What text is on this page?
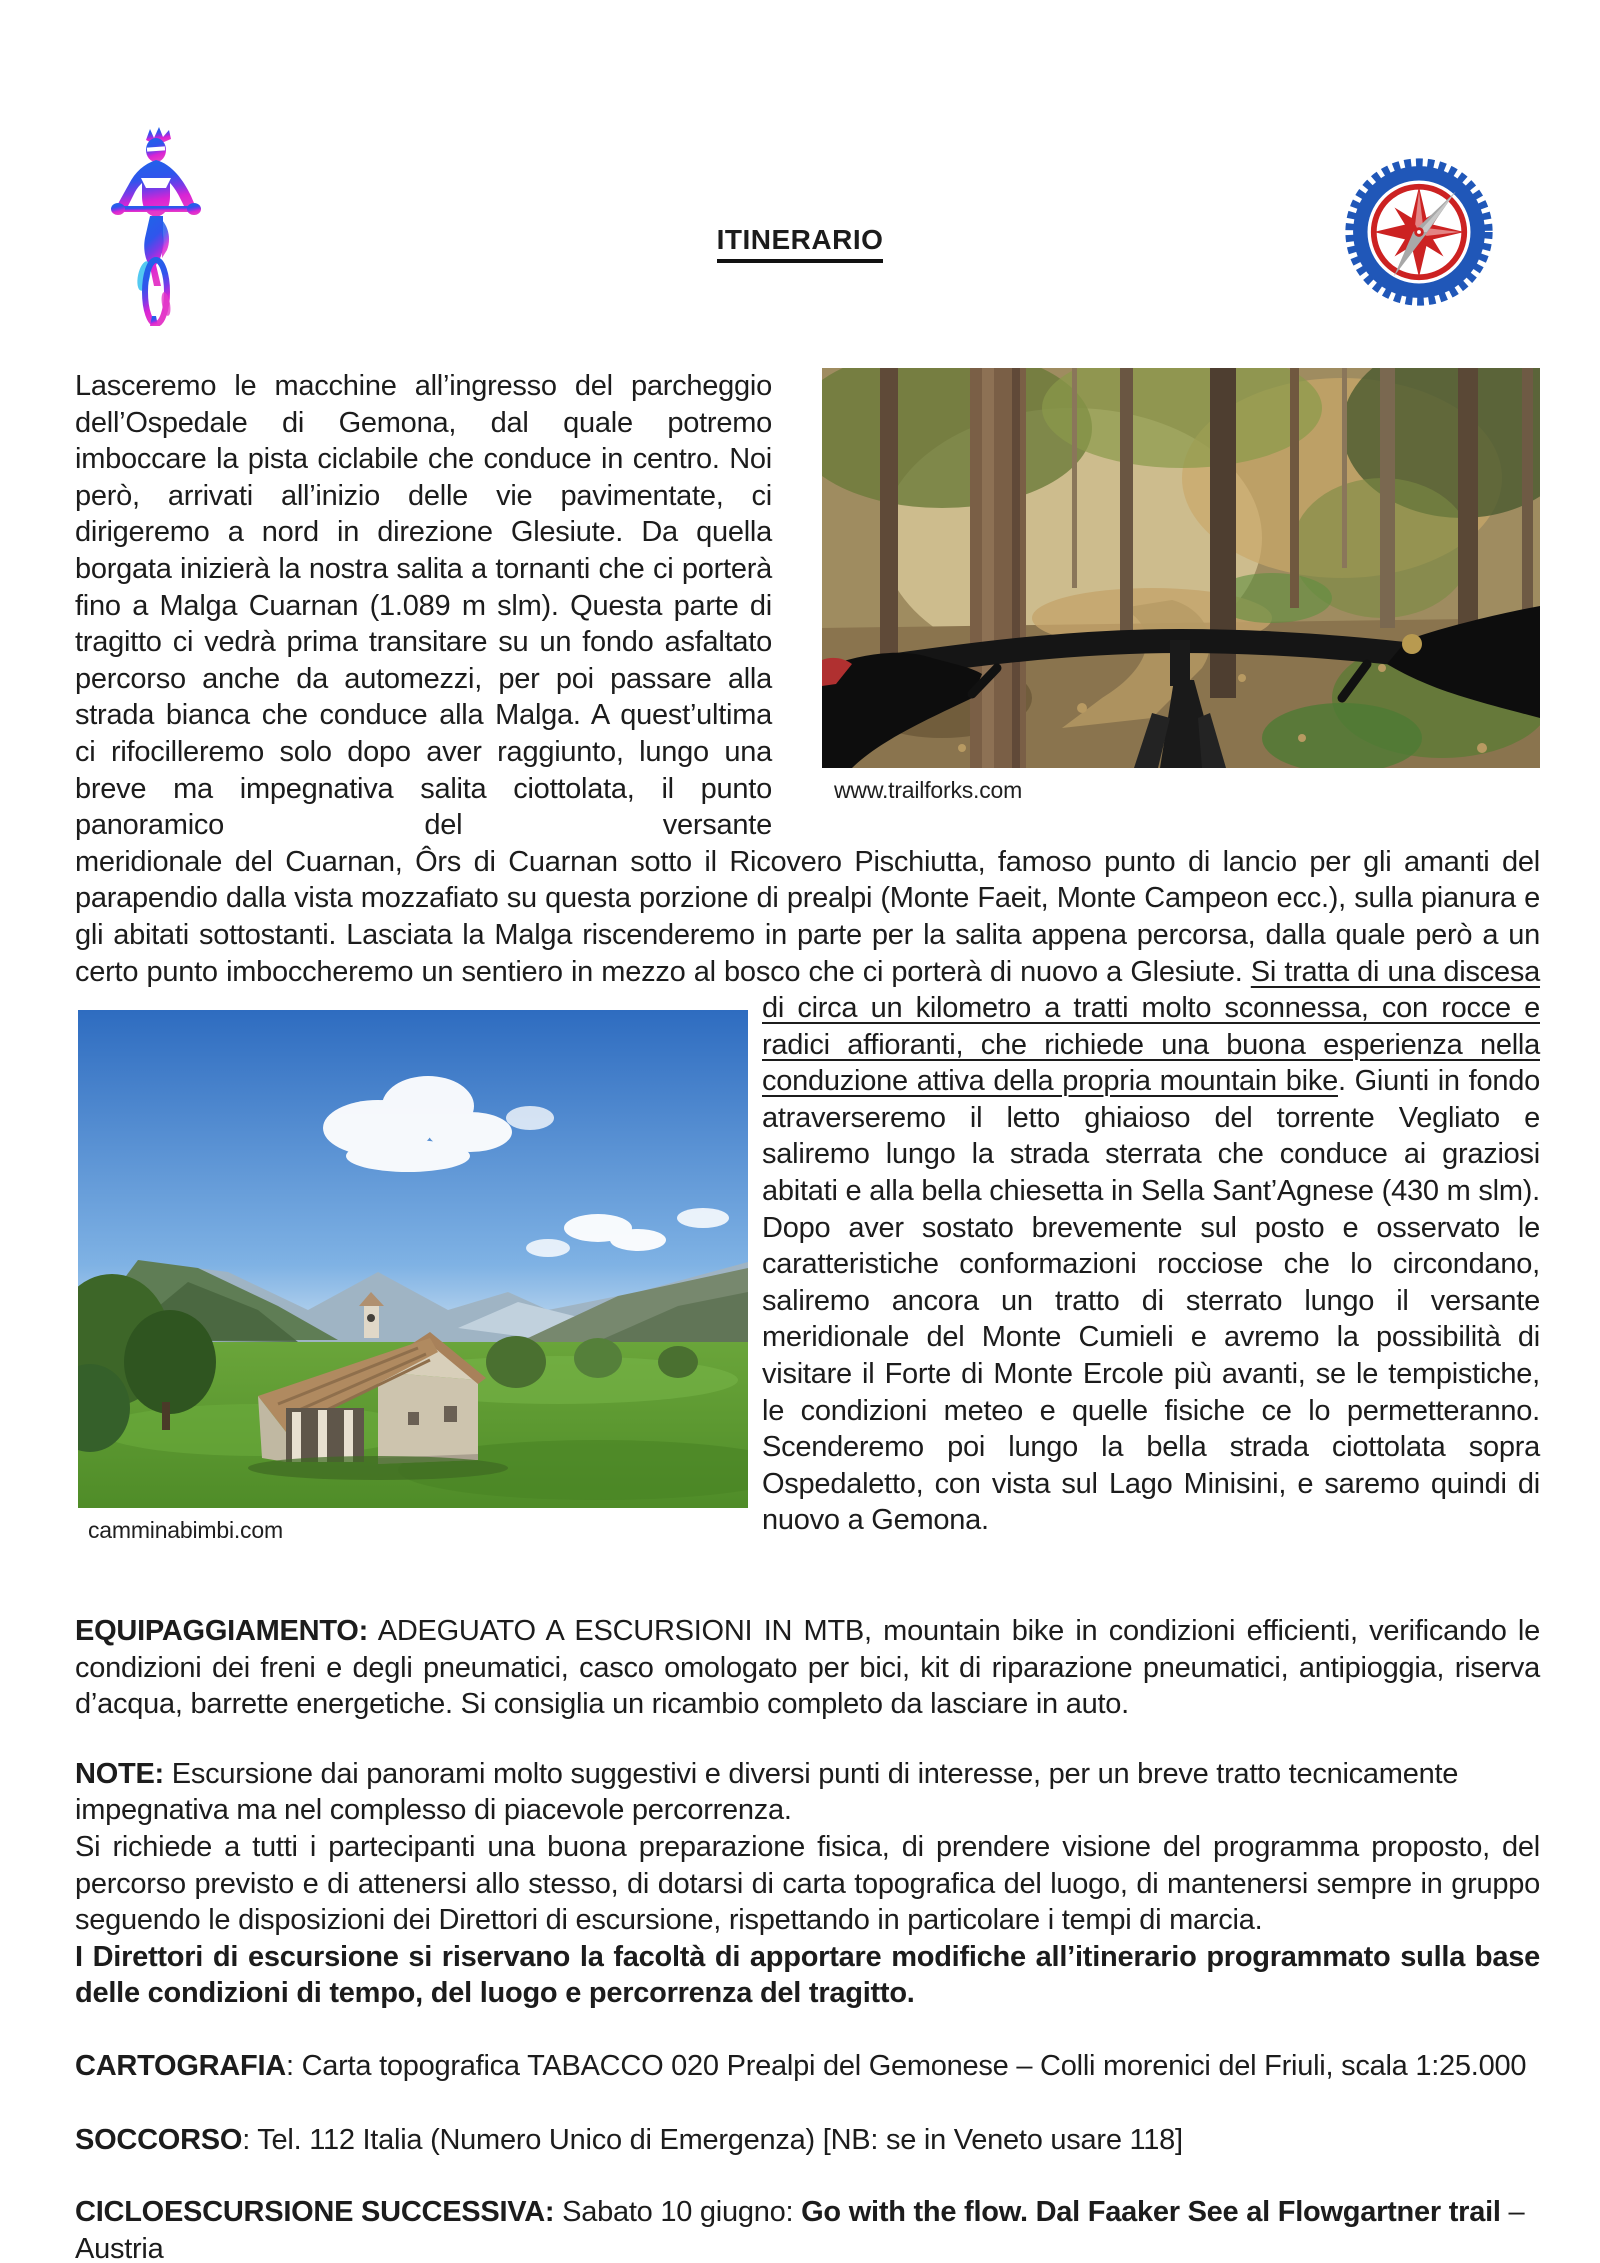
ITINERARIO

Lasceremo le macchine all’ingresso del parcheggio dell’Ospedale di Gemona, dal quale potremo imboccare la pista ciclabile che conduce in centro. Noi però, arrivati all’inizio delle vie pavimentate, ci dirigeremo a nord in direzione Glesiute. Da quella borgata inizierà la nostra salita a tornanti che ci porterà fino a Malga Cuarnan (1.089 m slm). Questa parte di tragitto ci vedrà prima transitare su un fondo asfaltato percorso anche da automezzi, per poi passare alla strada bianca che conduce alla Malga. A quest’ultima ci rifocilleremo solo dopo aver raggiunto, lungo una breve ma impegnativa salita ciottolata, il punto panoramico del versante

www.trailforks.com

meridionale del Cuarnan, Ôrs di Cuarnan sotto il Ricovero Pischiutta, famoso punto di lancio per gli amanti del parapendio dalla vista mozzafiato su questa porzione di prealpi (Monte Faeit, Monte Campeon ecc.), sulla pianura e gli abitati sottostanti. Lasciata la Malga riscenderemo in parte per la salita appena percorsa, dalla quale però a un certo punto imboccheremo un sentiero in mezzo al bosco che ci porterà di nuovo a Glesiute. Si tratta di una discesa

camminabimbi.com

di circa un kilometro a tratti molto sconnessa, con rocce e radici affioranti, che richiede una buona esperienza nella conduzione attiva della propria mountain bike. Giunti in fondo atraverseremo il letto ghiaioso del torrente Vegliato e saliremo lungo la strada sterrata che conduce ai graziosi abitati e alla bella chiesetta in Sella Sant’Agnese (430 m slm). Dopo aver sostato brevemente sul posto e osservato le caratteristiche conformazioni rocciose che lo circondano, saliremo ancora un tratto di sterrato lungo il versante meridionale del Monte Cumieli e avremo la possibilità di visitare il Forte di Monte Ercole più avanti, se le tempistiche, le condizioni meteo e quelle fisiche ce lo permetteranno. Scenderemo poi lungo la bella strada ciottolata sopra Ospedaletto, con vista sul Lago Minisini, e saremo quindi di nuovo a Gemona.

EQUIPAGGIAMENTO: ADEGUATO A ESCURSIONI IN MTB, mountain bike in condizioni efficienti, verificando le condizioni dei freni e degli pneumatici, casco omologato per bici, kit di riparazione pneumatici, antipioggia, riserva d’acqua, barrette energetiche. Si consiglia un ricambio completo da lasciare in auto.

NOTE: Escursione dai panorami molto suggestivi e diversi punti di interesse, per un breve tratto tecnicamente impegnativa ma nel complesso di piacevole percorrenza.

Si richiede a tutti i partecipanti una buona preparazione fisica, di prendere visione del programma proposto, del percorso previsto e di attenersi allo stesso, di dotarsi di carta topografica del luogo, di mantenersi sempre in gruppo seguendo le disposizioni dei Direttori di escursione, rispettando in particolare i tempi di marcia.

I Direttori di escursione si riservano la facoltà di apportare modifiche all’itinerario programmato sulla base delle condizioni di tempo, del luogo e percorrenza del tragitto.

CARTOGRAFIA: Carta topografica TABACCO 020 Prealpi del Gemonese – Colli morenici del Friuli, scala 1:25.000

SOCCORSO: Tel. 112 Italia (Numero Unico di Emergenza) [NB: se in Veneto usare 118]

CICLOESCURSIONE SUCCESSIVA: Sabato 10 giugno: Go with the flow. Dal Faaker See al Flowgartner trail – Austria
